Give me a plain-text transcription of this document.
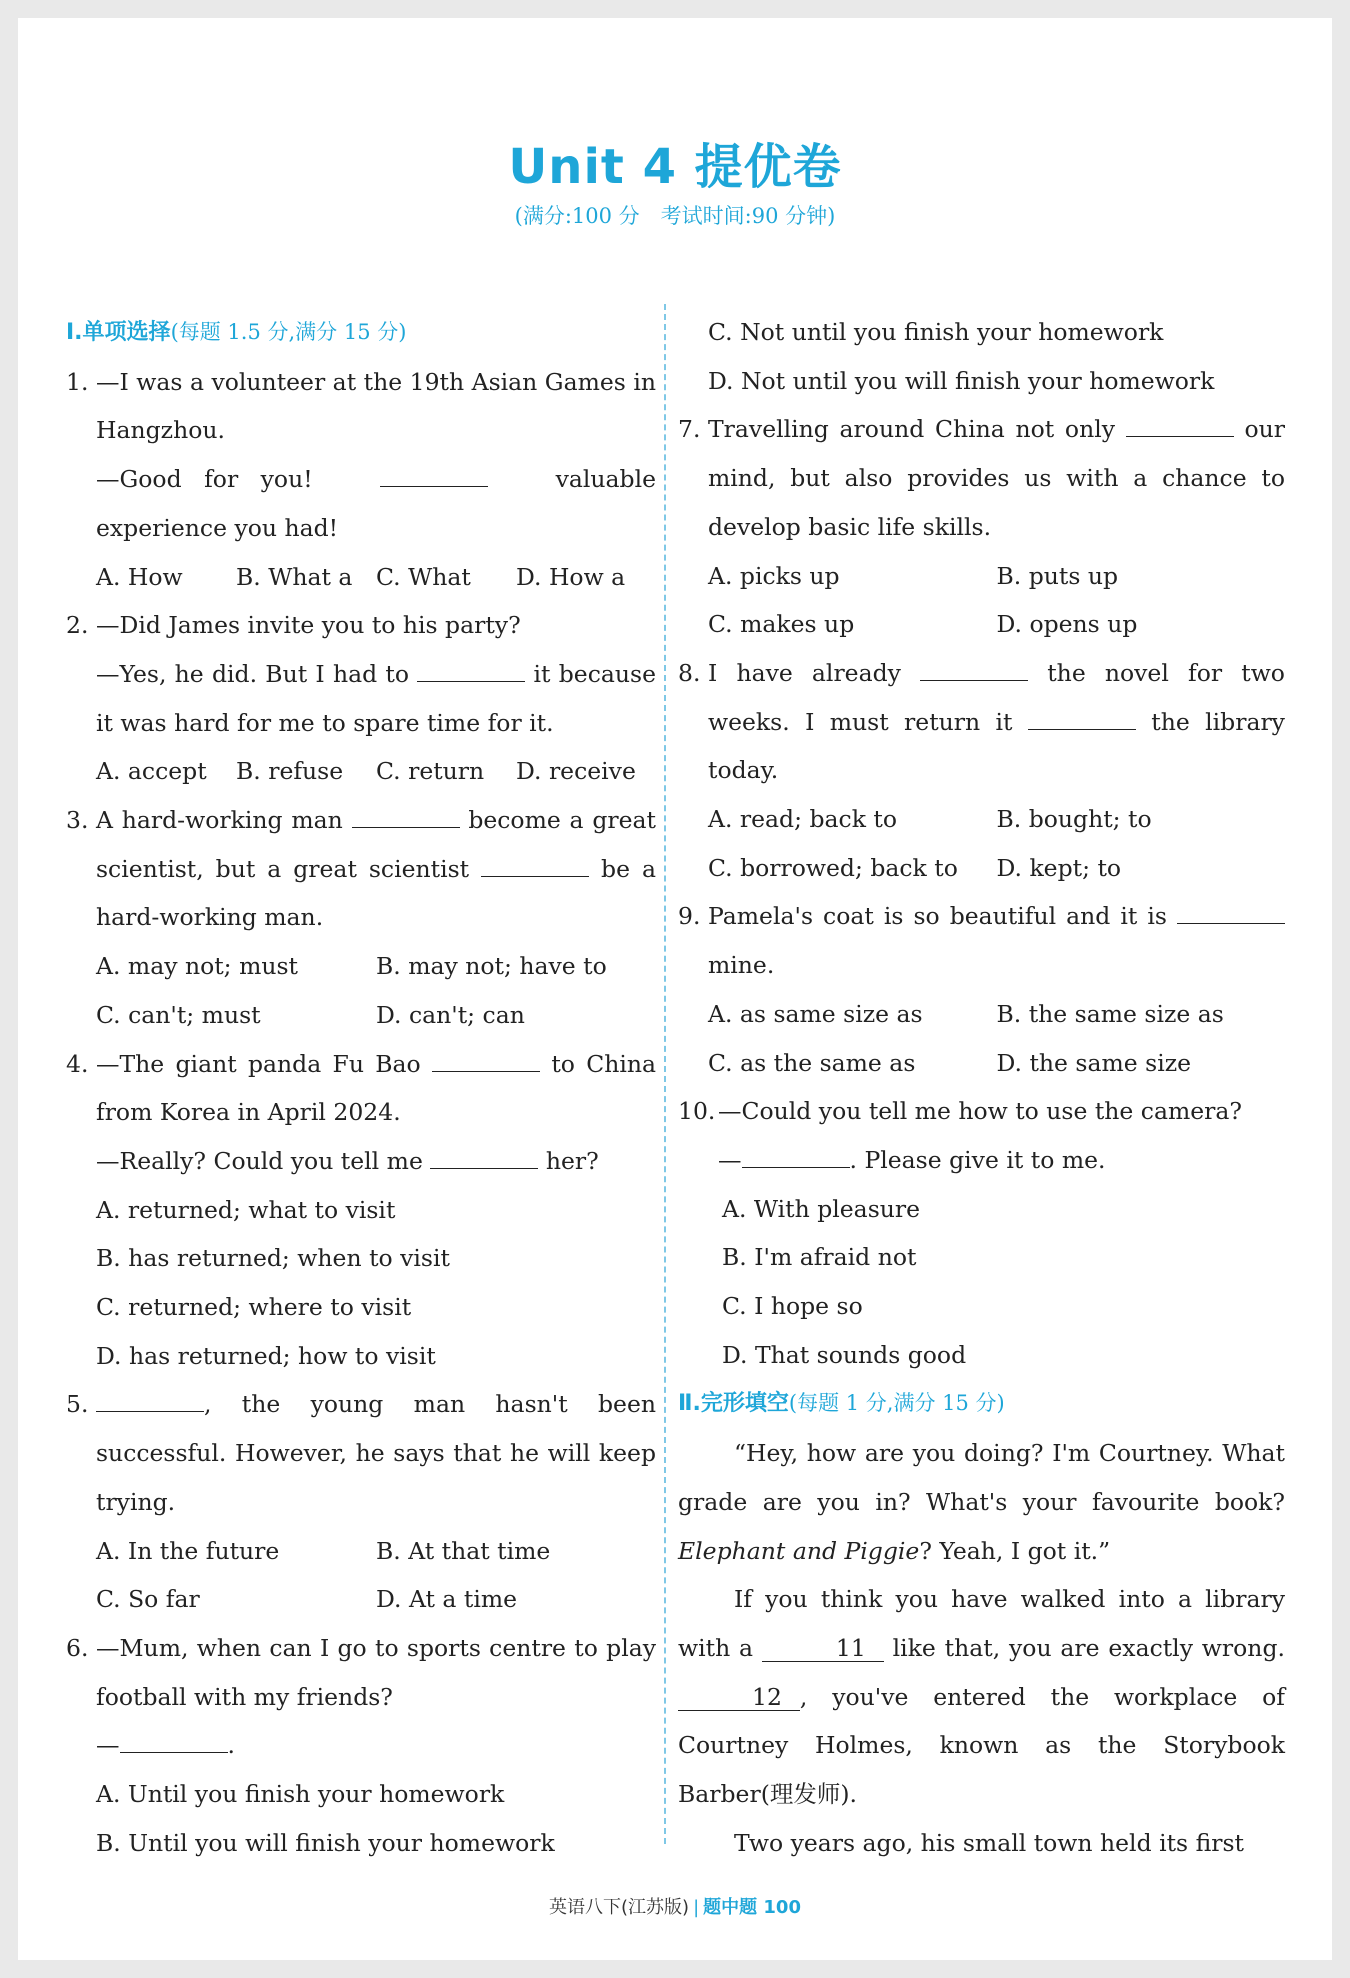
Unit 4 提优卷
(满分:100 分　考试时间:90 分钟)
Ⅰ.单项选择(每题 1.5 分,满分 15 分)
1. —I was a volunteer at the 19th Asian Games in Hangzhou.
—Good for you!	valuable experience you had!
A. How	B. What a	C. What	D. How a
2. —Did James invite you to his party?
—Yes, he did. But I had to	it because it was hard for me to spare time for it.
A. accept	B. refuse	C. return	D. receive
3. A hard-working man	become a great scientist, but a great scientist	be a hard-working man.
A. may not; must	B. may not; have to
C. can't; must	D. can't; can
4. —The giant panda Fu Bao	to China from Korea in April 2024.
—Really? Could you tell me	her?
A. returned; what to visit
B. has returned; when to visit
C. returned; where to visit
D. has returned; how to visit
5.	, the young man hasn't been successful. However, he says that he will keep trying.
A. In the future	B. At that time
C. So far	D. At a time
6. —Mum, when can I go to sports centre to play football with my friends?
—	.
A. Until you finish your homework
B. Until you will finish your homework
C. Not until you finish your homework
D. Not until you will finish your homework
7. Travelling around China not only	our mind, but also provides us with a chance to develop basic life skills.
A. picks up	B. puts up
C. makes up	D. opens up
8. I have already	the novel for two weeks. I must return it	the library today.
A. read; back to	B. bought; to
C. borrowed; back to	D. kept; to
9. Pamela's coat is so beautiful and it is  mine.
A. as same size as	B. the same size as
C. as the same as	D. the same size
10. —Could you tell me how to use the camera?
—	. Please give it to me.
A. With pleasure
B. I'm afraid not
C. I hope so
D. That sounds good
Ⅱ.完形填空(每题 1 分,满分 15 分)
“Hey, how are you doing? I'm Courtney. What grade are you in? What's your favourite book? Elephant and Piggie? Yeah, I got it.”
If you think you have walked into a library with a	11 like that, you are exactly wrong. 12 , you've entered the workplace of Courtney Holmes, known as the Storybook Barber(理发师).
Two years ago, his small town held its first
英语八下(江苏版) | 题中题 100
